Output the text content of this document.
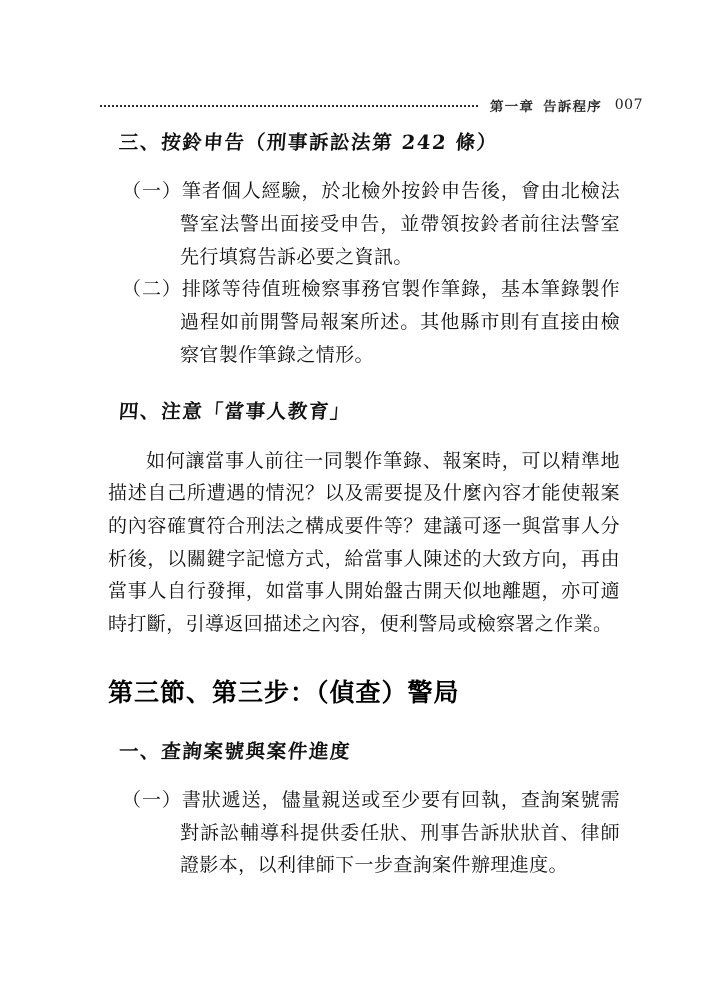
第一章 告訴程序 007
三、按鈴申告（刑事訴訟法第 242 條）

（一）筆者個人經驗，於北檢外按鈴申告後，會由北檢法警室法警出面接受申告，並帶領按鈴者前往法警室先行填寫告訴必要之資訊。

（二）排隊等待值班檢察事務官製作筆錄，基本筆錄製作過程如前開警局報案所述。其他縣市則有直接由檢察官製作筆錄之情形。

四、注意「當事人教育」

如何讓當事人前往一同製作筆錄、報案時，可以精準地描述自己所遭遇的情況？以及需要提及什麼內容才能使報案的內容確實符合刑法之構成要件等？建議可逐一與當事人分析後，以關鍵字記憶方式，給當事人陳述的大致方向，再由當事人自行發揮，如當事人開始盤古開天似地離題，亦可適時打斷，引導返回描述之內容，便利警局或檢察署之作業。

第三節、第三步：（偵查）警局
一、查詢案號與案件進度

（一）書狀遞送，儘量親送或至少要有回執，查詢案號需對訴訟輔導科提供委任狀、刑事告訴狀狀首、律師證影本，以利律師下一步查詢案件辦理進度。
